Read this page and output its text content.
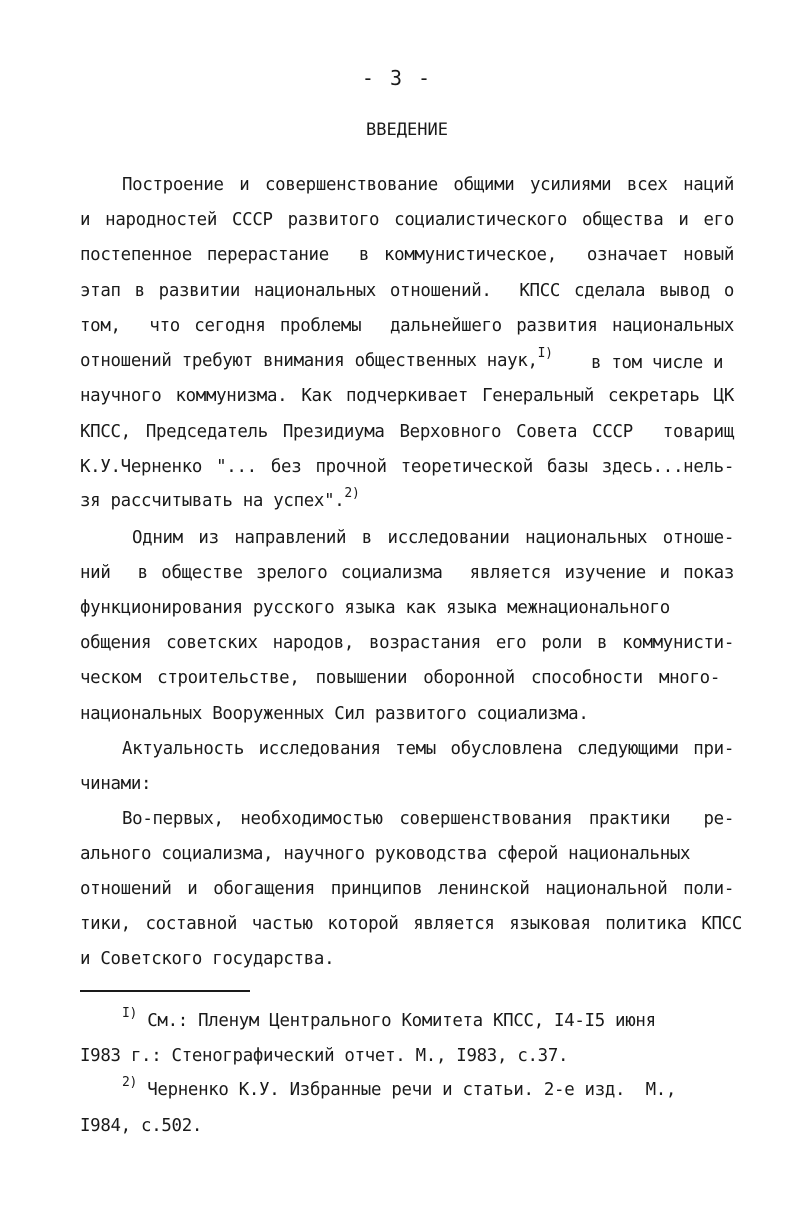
- 3 -
ВВЕДЕНИЕ
Построение и совершенствование общими усилиями всех наций
и народностей СССР развитого социалистического общества и его
постепенное перерастание  в коммунистическое,  означает новый
этап в развитии национальных отношений.  КПСС сделала вывод о
том,  что сегодня проблемы  дальнейшего развития национальных
отношений требуют внимания общественных наук,$^{I)}$ в том числе и
научного коммунизма. Как подчеркивает Генеральный секретарь ЦК
КПСС, Председатель Президиума Верховного Совета СССР  товарищ
К.У.Черненко "... без прочной теоретической базы здесь...нель-
зя рассчитывать на успех".$^{2)}$
Одним из направлений в исследовании национальных отноше-
ний  в обществе зрелого социализма  является изучение и показ
функционирования русского языка как языка межнационального
общения советских народов, возрастания его роли в коммунисти-
ческом строительстве, повышении оборонной способности много-
национальных Вооруженных Сил развитого социализма.
Актуальность исследования темы обусловлена следующими при-
чинами:
Во-первых, необходимостью совершенствования практики  ре-
ального социализма, научного руководства сферой национальных
отношений и обогащения принципов ленинской национальной поли-
тики, составной частью которой является языковая политика КПСС
и Советского государства.
$^{I)}$ См.: Пленум Центрального Комитета КПСС, I4-I5 июня
I983 г.: Стенографический отчет. М., I983, с.37.
$^{2)}$ Черненко К.У. Избранные речи и статьи. 2-е изд.  М.,
I984, с.502.
